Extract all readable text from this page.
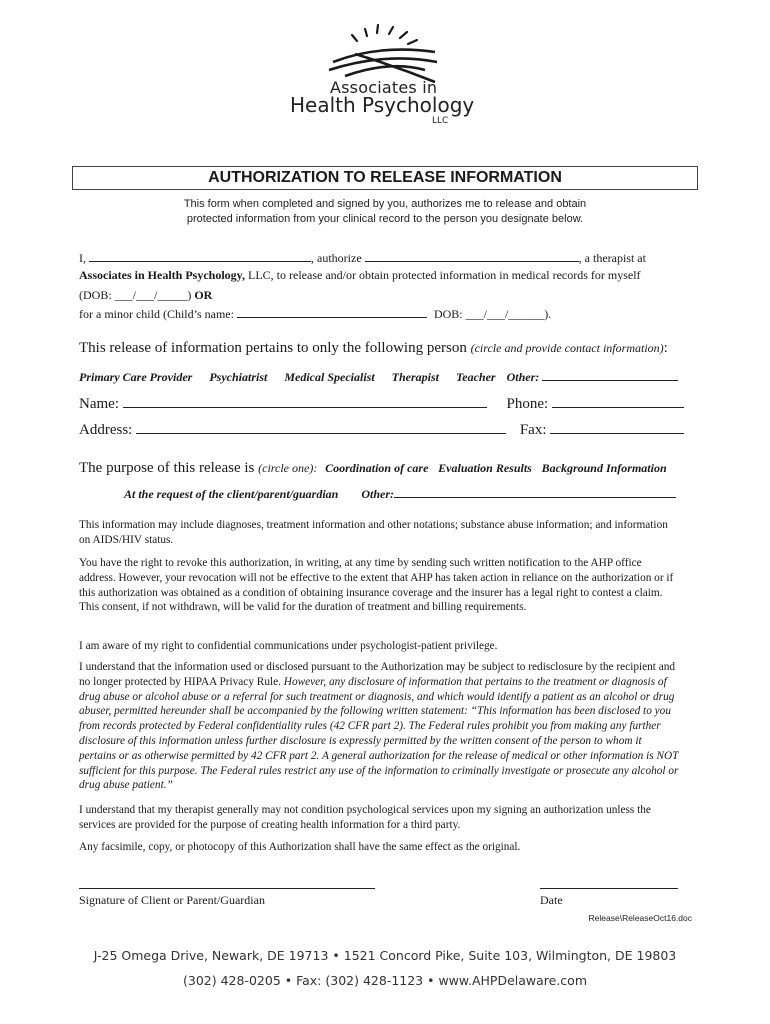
Associates in
Health Psychology
LLC
AUTHORIZATION TO RELEASE INFORMATION
This form when completed and signed by you, authorizes me to release and obtain
protected information from your clinical record to the person you designate below.
I,	, authorize	, a therapist at
Associates in Health Psychology, LLC, to release and/or obtain protected information in medical records for myself
(DOB: ___/___/_____) OR
for a minor child (Child’s name:	DOB: ___/___/______).
This release of information pertains to only the following person (circle and provide contact information):
Primary Care Provider Psychiatrist Medical Specialist Therapist Teacher Other:
Name:	Phone:
Address:	Fax:
The purpose of this release is (circle one): Coordination of care Evaluation Results Background Information
At the request of the client/parent/guardian Other:
This information may include diagnoses, treatment information and other notations; substance abuse information; and information on AIDS/HIV status.
You have the right to revoke this authorization, in writing, at any time by sending such written notification to the AHP office address. However, your revocation will not be effective to the extent that AHP has taken action in reliance on the authorization or if this authorization was obtained as a condition of obtaining insurance coverage and the insurer has a legal right to contest a claim. This consent, if not withdrawn, will be valid for the duration of treatment and billing requirements.
I am aware of my right to confidential communications under psychologist-patient privilege.
I understand that the information used or disclosed pursuant to the Authorization may be subject to redisclosure by the recipient and no longer protected by HIPAA Privacy Rule. However, any disclosure of information that pertains to the treatment or diagnosis of drug abuse or alcohol abuse or a referral for such treatment or diagnosis, and which would identify a patient as an alcohol or drug abuser, permitted hereunder shall be accompanied by the following written statement: “This information has been disclosed to you from records protected by Federal confidentiality rules (42 CFR part 2). The Federal rules prohibit you from making any further disclosure of this information unless further disclosure is expressly permitted by the written consent of the person to whom it pertains or as otherwise permitted by 42 CFR part 2. A general authorization for the release of medical or other information is NOT sufficient for this purpose. The Federal rules restrict any use of the information to criminally investigate or prosecute any alcohol or drug abuse patient.”
I understand that my therapist generally may not condition psychological services upon my signing an authorization unless the services are provided for the purpose of creating health information for a third party.
Any facsimile, copy, or photocopy of this Authorization shall have the same effect as the original.
Signature of Client or Parent/Guardian	Date
Release\ReleaseOct16.doc
J-25 Omega Drive, Newark, DE 19713 • 1521 Concord Pike, Suite 103, Wilmington, DE 19803
(302) 428-0205 • Fax: (302) 428-1123 • www.AHPDelaware.com
